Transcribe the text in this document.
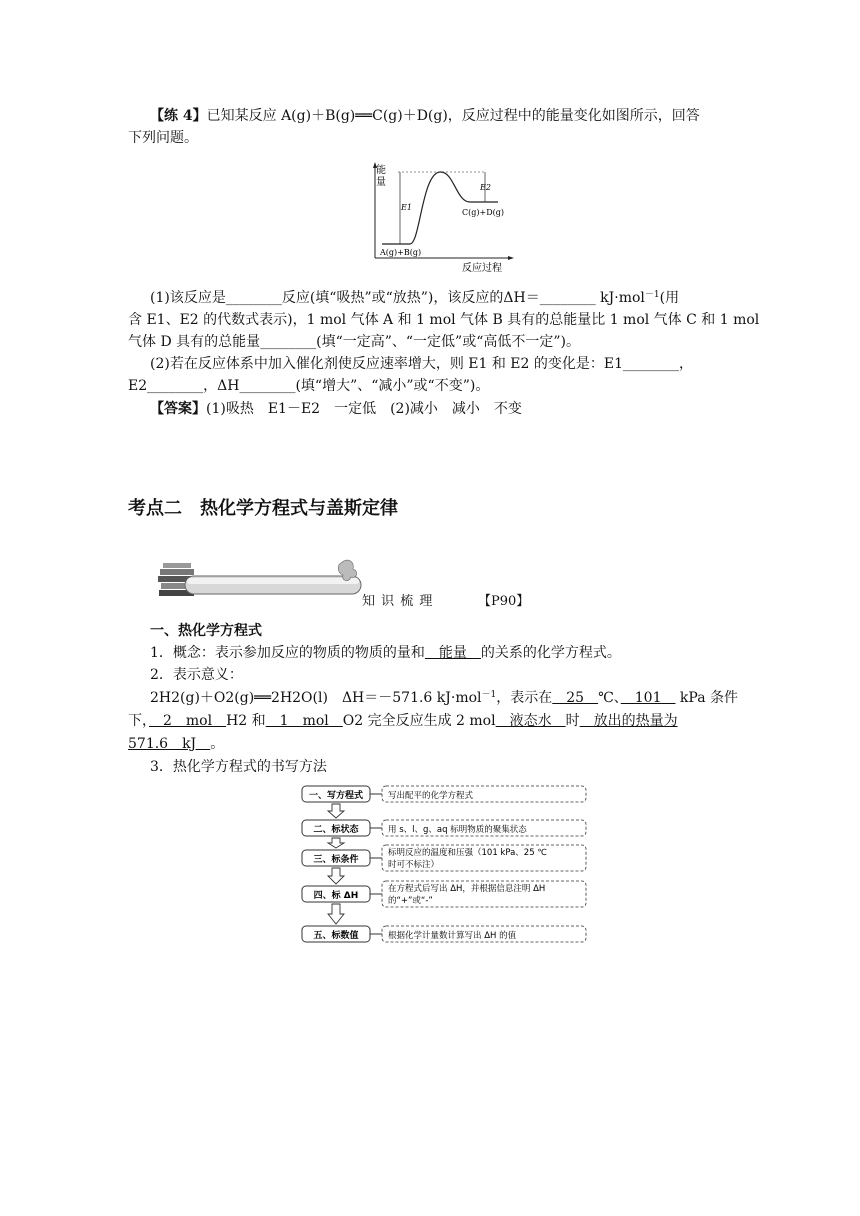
【练 4】已知某反应 A(g)＋B(g)══C(g)＋D(g)，反应过程中的能量变化如图所示，回答
下列问题。
能
量
E1
E2
C(g)+D(g)
A(g)+B(g)
反应过程
(1)该反应是________反应(填“吸热”或“放热”)，该反应的ΔH＝________ kJ·mol$^{-1}$(用
含 E1、E2 的代数式表示)，1 mol 气体 A 和 1 mol 气体 B 具有的总能量比 1 mol 气体 C 和 1 mol
气体 D 具有的总能量________(填“一定高”、“一定低”或“高低不一定”)。
(2)若在反应体系中加入催化剂使反应速率增大，则 E1 和 E2 的变化是：E1________，
E2________，ΔH________(填“增大”、“减小”或“不变”)。
【答案】(1)吸热　E1－E2　一定低　(2)减小　减小　不变
考点二　热化学方程式与盖斯定律
知 识 梳 理	【P90】
一、热化学方程式
1．概念：表示参加反应的物质的物质的量和　能量　的关系的化学方程式。
2．表示意义：
2H2(g)＋O2(g)══2H2O(l)　ΔH＝－571.6 kJ·mol$^{-1}$，表示在　25　℃、　101　 kPa 条件
下，　2　mol　H2 和　1　mol　O2 完全反应生成 2 mol　液态水　时　放出的热量为
571.6　kJ　。
3．热化学方程式的书写方法
一、写方程式	写出配平的化学方程式
二、标状态	用 s、l、g、aq 标明物质的聚集状态
三、标条件
标明反应的温度和压强（101 kPa、25 ℃
时可不标注）
四、标 ΔH
在方程式后写出 ΔH，并根据信息注明 ΔH
的“+”或“-”
五、标数值	根据化学计量数计算写出 ΔH 的值
